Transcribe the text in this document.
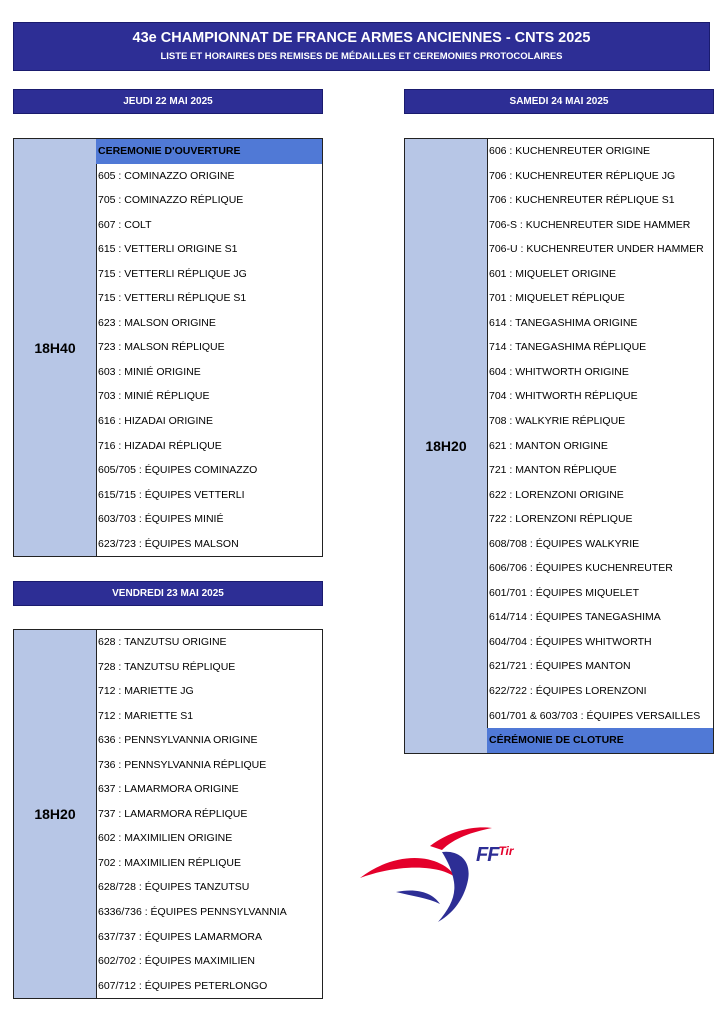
43e CHAMPIONNAT DE FRANCE ARMES ANCIENNES - CNTS 2025
LISTE ET HORAIRES DES REMISES DE MÉDAILLES ET CEREMONIES PROTOCOLAIRES
JEUDI 22 MAI 2025
18H40
CEREMONIE D'OUVERTURE
605 : COMINAZZO ORIGINE
705 : COMINAZZO RÉPLIQUE
607 : COLT
615 : VETTERLI ORIGINE S1
715 : VETTERLI RÉPLIQUE JG
715 : VETTERLI RÉPLIQUE S1
623 : MALSON ORIGINE
723 : MALSON RÉPLIQUE
603 : MINIÉ ORIGINE
703 : MINIÉ RÉPLIQUE
616 : HIZADAI ORIGINE
716 : HIZADAI RÉPLIQUE
605/705 : ÉQUIPES COMINAZZO
615/715 : ÉQUIPES VETTERLI
603/703 : ÉQUIPES MINIÉ
623/723 : ÉQUIPES MALSON
VENDREDI 23 MAI 2025
18H20
628 : TANZUTSU ORIGINE
728 : TANZUTSU RÉPLIQUE
712 : MARIETTE JG
712 : MARIETTE S1
636 : PENNSYLVANNIA ORIGINE
736 : PENNSYLVANNIA RÉPLIQUE
637 : LAMARMORA ORIGINE
737 : LAMARMORA RÉPLIQUE
602 : MAXIMILIEN ORIGINE
702 : MAXIMILIEN RÉPLIQUE
628/728 : ÉQUIPES TANZUTSU
6336/736 : ÉQUIPES PENNSYLVANNIA
637/737 : ÉQUIPES LAMARMORA
602/702 : ÉQUIPES MAXIMILIEN
607/712 : ÉQUIPES PETERLONGO
SAMEDI 24 MAI 2025
18H20
606 : KUCHENREUTER ORIGINE
706 : KUCHENREUTER RÉPLIQUE JG
706 : KUCHENREUTER RÉPLIQUE S1
706-S : KUCHENREUTER SIDE HAMMER
706-U : KUCHENREUTER UNDER HAMMER
601 : MIQUELET ORIGINE
701 : MIQUELET RÉPLIQUE
614 : TANEGASHIMA ORIGINE
714 : TANEGASHIMA RÉPLIQUE
604 : WHITWORTH ORIGINE
704 : WHITWORTH RÉPLIQUE
708 : WALKYRIE RÉPLIQUE
621 : MANTON ORIGINE
721 : MANTON RÉPLIQUE
622 : LORENZONI ORIGINE
722 : LORENZONI RÉPLIQUE
608/708 : ÉQUIPES WALKYRIE
606/706 : ÉQUIPES KUCHENREUTER
601/701 : ÉQUIPES MIQUELET
614/714 : ÉQUIPES TANEGASHIMA
604/704 : ÉQUIPES WHITWORTH
621/721 : ÉQUIPES MANTON
622/722 : ÉQUIPES LORENZONI
601/701 & 603/703 : ÉQUIPES VERSAILLES
CÉRÉMONIE DE CLOTURE
$FF^{Tir}$
